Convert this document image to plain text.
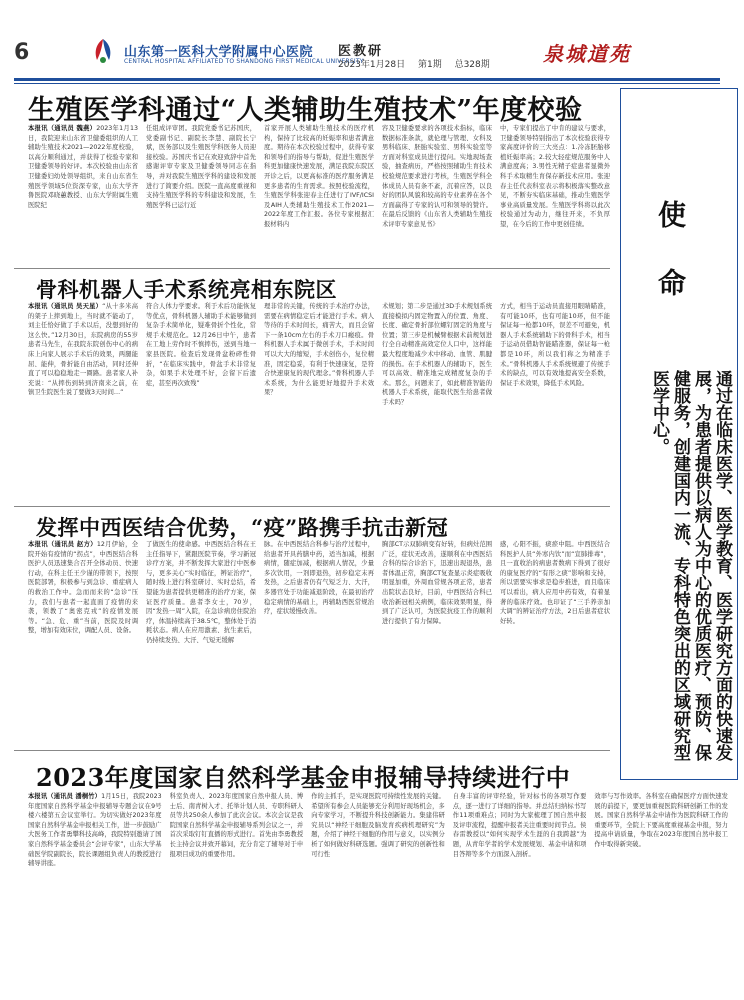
6	山东第一医科大学附属中心医院
CENTRAL HOSPITAL AFFILIATED TO SHANDONG FIRST MEDICAL UNIVERSITY
医教研
2023年1月28日 第1期 总328期	泉城道苑
生殖医学科通过“人类辅助生殖技术”年度校验

本报讯（通讯员 魏燕）2023年1月13日，我院迎来山东省卫健委组织的人工辅助生殖技术2021—2022年度校验，以高分顺利通过，并获得了校验专家和卫健委领导的好评。本次校验由山东省卫健委妇幼处领导组织，来自山东省生殖医学领域5位资深专家，山东大学齐鲁医院邓晓蕙教授、山东大学附属生殖医院纪

任组成评审团。我院党委书记苏国庆，党委副书记、副院长李慧、副院长宁斌，医务部以及生殖医学科医务人员迎接校验。苏国庆书记在欢迎致辞中首先感谢评审专家及卫健委领导同志在指导，并对我院生殖医学科的建设和发展进行了简要介绍。医院一直高度重视和支持生殖医学科的专科建设和发展，生殖医学科已运行近

首家开展人类辅助生殖技术的医疗机构，保持了比较高的妊娠率和患者满意度。期待在本次校验过程中，获得专家和领导们的指导与帮助，促进生殖医学科更加健康快速发展，满足我院东院区开诊之后，以更高标准的医疗服务满足更多患者的生育需求。按照校验流程，生殖医学科张迎春主任进行了IVF/ICSI及AIH人类辅助生殖技术工作2021—2022年度工作汇报。各位专家根据汇报材料内

容及卫健委要求的各项技术指标，临床数据标准条款，就伦理与管理、女科及男科临床、胚胎实验室、男科实验室等方面对科室成员进行提问。实地现场查验，抽查病历，严格按照辅助生育技术校验规范要求进行考核，生殖医学科全体成员人员有条不紊，沉着应答，以良好的团队风貌和较高的专业素养在各个方面赢得了专家的认可和领导的赞许。在最后反馈的《山东省人类辅助生殖技术评审专家意见书》

中，专家们提出了中肯的建议与要求，卫健委领导特别指出了本次校验获得专家高度评价的三大亮点：1.冷冻胚胎移植妊娠率高；2.较大轻症规范服务中人满意度高；3.男性无精子症患者显微外科手术取精生育保存新技术应用。张迎春主任代表科室表示将积极落实整改意见，不断夯实临床基础，推动生殖医学事业高质量发展。生殖医学科将以此次校验通过为动力，继往开来，不负厚望，在今后的工作中更创佳绩。

骨科机器人手术系统亮相东院区

本报讯（通讯员 吴天星）“从十多米高的架子上摔到地上，当时就不能动了，刘主任恰好做了手术以后，没想到好的这么快。”12月30日，东院病房的55岁患者马先生，在我院东院创伤中心的病床上向家人展示手术后的效果，两腿能屈、能伸，骨折能自由活动，同时还伸直了可以稳稳地走一圈路。患者家人补充说：“从摔伤到转到济南来之前，在镇卫生院医生说了要做3天时间…”

符合人体力学要求。利于术后功能恢复等优点，骨科机器人辅助手术能够做到复杂手术简单化，疑难骨折个性化，常规手术规范化。12月26日中午，患者在工地上劳作时不慎摔伤，送到当地一家县医院。检查后发现骨盆粉碎性骨折，“在临床实践中，骨盆手术非常复杂，如果手术处理不好，会留下后遗症，甚至再次致残”

理非常的关键，传统的手术治疗办法，需要在病情稳定后才能进行手术。病人等待的手术时间长，痛苦大，而且会留下一条10cm左右的手术刀口瘢痕。骨科机器人手术属于微创手术，手术时间可以大大的缩短，手术创伤小，复位精准，固定稳妥，有利于快速康复，是符合快速康复的现代理念。”骨科机器人手术系统，为什么能更好地提升手术效果？

术规划；第二步是通过3D手术规划系统直接模拟内固定物置入的位置、角度、长度、确定骨折部位螺钉固定的角度与位置；第三步是机械臂根据术前规划进行全自动精准高效定位人口中，这样能最大程度地减少术中移动、血管、肌腱的损伤。在手术机器人的辅助下，医生可以高效、精准地完成精度复杂的手术。那么，问题来了，如此精准智能的机器人手术系统，能取代医生给患者做手术吗？

方式，相当于运动员直接用眼睛瞄准，有可能10环，也有可能10环，但不能保证每一枪都10环，误差不可避免，机器人手术系统辅助下的骨科手术，相当于运动员借助智能瞄准器，保证每一枪都是10环，所以我们称之为精准手术。”骨科机器人手术系统规避了传统手术的缺点，可以有效地提高安全系数，保证手术效果，降低手术风险。

发挥中西医结合优势，“疫”路携手抗击新冠

本报讯（通讯员 赵方）12月伊始，全院开始有疫情的“拐点”，中西医结合科医护人员迅速集合召开全体动员、快速行动，在科主任王少谨的带领下，按照医院部署，积极参与到急诊、重症病人的救治工作中。急而而来的“急诊”压力，我们与患者一起直面了疫情的来袭，领教了“奥密克戎”的疫情发展等。“急、危、重”当前，医院及时调整，增加有效床位，调配人员、设备。

了做医生的使命感。中西医结合科在王主任指导下，紧跟医院节奏，学习新冠诊疗方案，并不断发挥大家进行中医参与，更多关心“实时临征，辨证治疗”，随时线上进行科室研讨、实时总结，希望能为患者提供更精准的治疗方案，保证医疗质量。患者李女士，70岁，因“发热一周”入院，在急诊病房住院治疗，体温持续高于38.5℃，整体处于消耗状态。病人在应用激素、抗生素后，仍持续发热、大汗、气短无缓解

脉。在中西医结合科参与治疗过程中，给患者开具药膳中药，适当加减，根据病情，随症加减，根据病人情况，少量多次饮用，一剂即退热，初步稳定末再发热，之后患者仍有气短乏力、大汗，多器官处于功能减退阶段，在最初治疗稳定病情的基础上，再辅助西医常规治疗，症状缓慢改善。

胸部CT示双肺病变有好转，但病灶范围广泛，症状无改善，遂顺利在中西医结合科的综合诊治下，迅速出现退热，患者体温正常，胸部CT复查显示炎症吸收明显加重，外周血常规各项正常，患者出院状态良好，目前，中西医结合科已收治新冠相关病例，临床效果明显，得到了广泛认可，为医院抗疫工作的顺利进行提供了有力保障。

感，心阳不振，痰瘀中阻。中西医结合科医护人员“外寒内饮”而“宣肺排毒”，且一直收治的病患者数病下得到了很好的康复医疗的“有形之痰”影响和支持，所以需要实事求是稳步推进，而且临床可以看出，病人应用中药有效，有着显著的临床疗效。也印证了“三手养亲加大调”的辨证治疗方法，2日后患者症状好转。

2023年度国家自然科学基金申报辅导持续进行中

本报讯（通讯员 潘桐竹）1月15日，我院2023年度国家自然科学基金申报辅导专题会议在9号楼六楼第五会议室举行。为切实做好2023年度国家自然科学基金申报相关工作，进一步鼓励广大医务工作者勇攀科技高峰，我院特别邀请了国家自然科学基金委员会“会评专家”，山东大学基础医学院副院长，院长课题组负责人的教授进行辅导讲座。

科室负责人、2023年度国家自然申报人员、博士后、南青树入才、托举计划人员、专职科研人员等共250余人参加了此次会议。本次会议是我院国家自然科学基金申报辅导系列会议之一，并首次采取钉钉直播的形式进行。首先由李勇教授长主持会议并致开幕词，充分肯定了辅导对于申报项目成功的重要作用。

作的主抓手，是实现医院可持续性发展的关键。希望所有参会人员能够充分利用好现场机会，多向专家学习，不断提升科技创新能力。集建伟研究员以“神经干细胞及脑发育疾病机理研究”为题，介绍了神经干细胞的作用与意义，以实例分析了如何做好科研选题。强调了研究的创新性和可行性

自身丰富的评审经验，针对标书的各项写作要点，逐一进行了详细的指导。并总结归纳标书写作11项重难点；同时为大家梳理了国自然申报及评审流程，提醒申报者关注重要时间节点。侯春雷教授以“如何实现学术生涯的自我跨越”为题，从青年学者的学术发展规划、基金申请和项目答辩等多个方面深入剖析。

效率与写作效率。各科室在确保医疗方面快速发展的前提下，要更加重视医院科研创新工作的发展。国家自然科学基金申请作为医院科研工作的重要环节，全院上下要高度重视基金申报，努力提高申请质量，争取在2023年度国自然申报工作中取得新突破。

使命
通过在临床医学、医学教育、医学研究方面的快速发展，为患者提供以病人为中心的优质医疗、预防、保健服务，创建国内一流、专科特色突出的区域研究型医学中心。
